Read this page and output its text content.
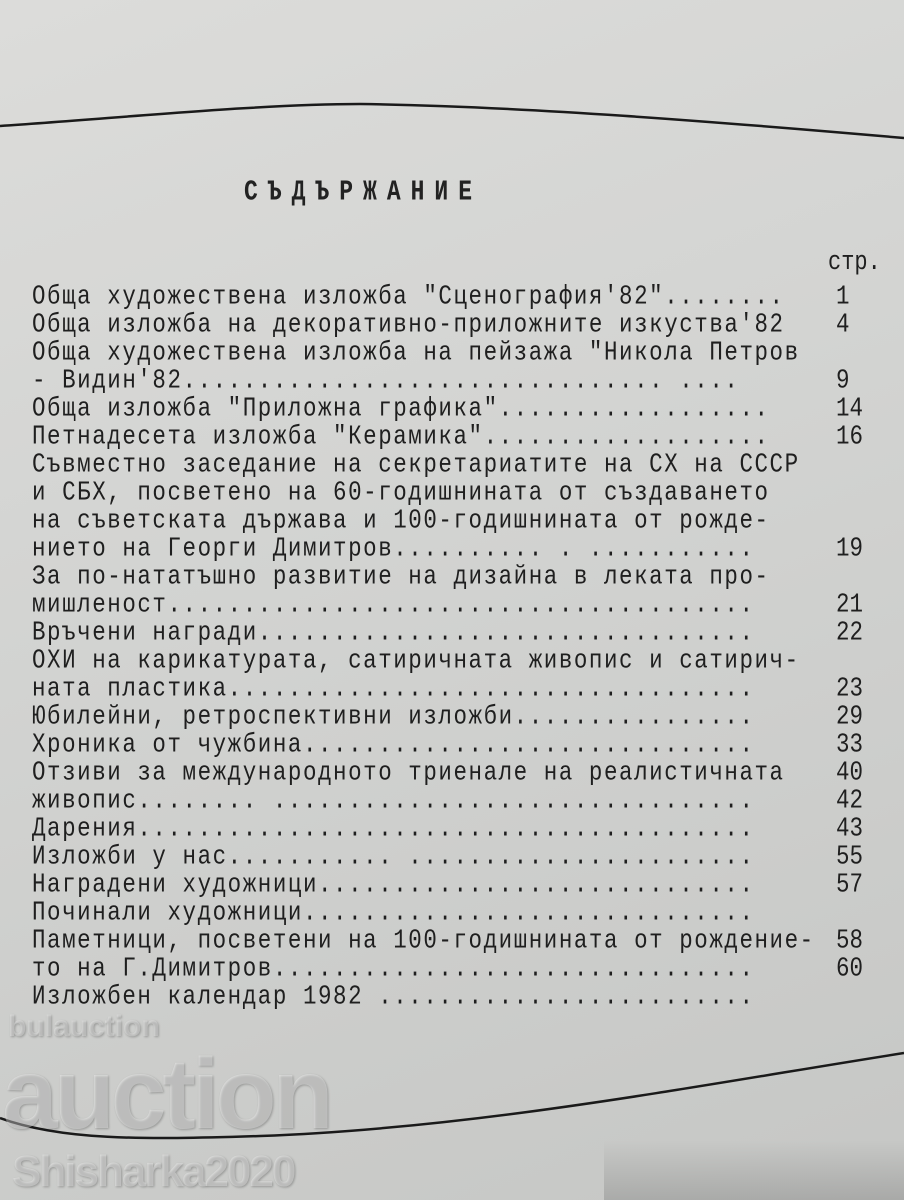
СЪДЪРЖАНИЕ
стр.
Обща художествена изложба "Сценография'82"........
Обща изложба на декоративно-приложните изкуства'82
Обща художествена изложба на пейзажа "Никола Петров
- Видин'82................................ ....
Обща изложба "Приложна графика"..................
Петнадесета изложба "Керамика"...................
Съвместно заседание на секретариатите на СХ на СССР
и СБХ, посветено на 60-годишнината от създаването
на съветската държава и 100-годишнината от рожде-
нието на Георги Димитров.......... . ...........
За по-нататъшно развитие на дизайна в леката про-
мишленост.......................................
Връчени награди.................................
ОХИ на карикатурата, сатиричната живопис и сатирич-
ната пластика...................................
Юбилейни, ретроспективни изложби................
Хроника от чужбина..............................
Отзиви за международното триенале на реалистичната
живопис........ ................................
Дарения.........................................
Изложби у нас........... .......................
Наградени художници.............................
Починали художници..............................
Паметници, посветени на 100-годишнината от рождение-
то на Г.Димитров................................
Изложбен календар 1982 .........................
1
4
9
14
16
19
21
22
23
29
33
40
42
43
55
57
58
60
bulauction
auction
Shisharka2020
